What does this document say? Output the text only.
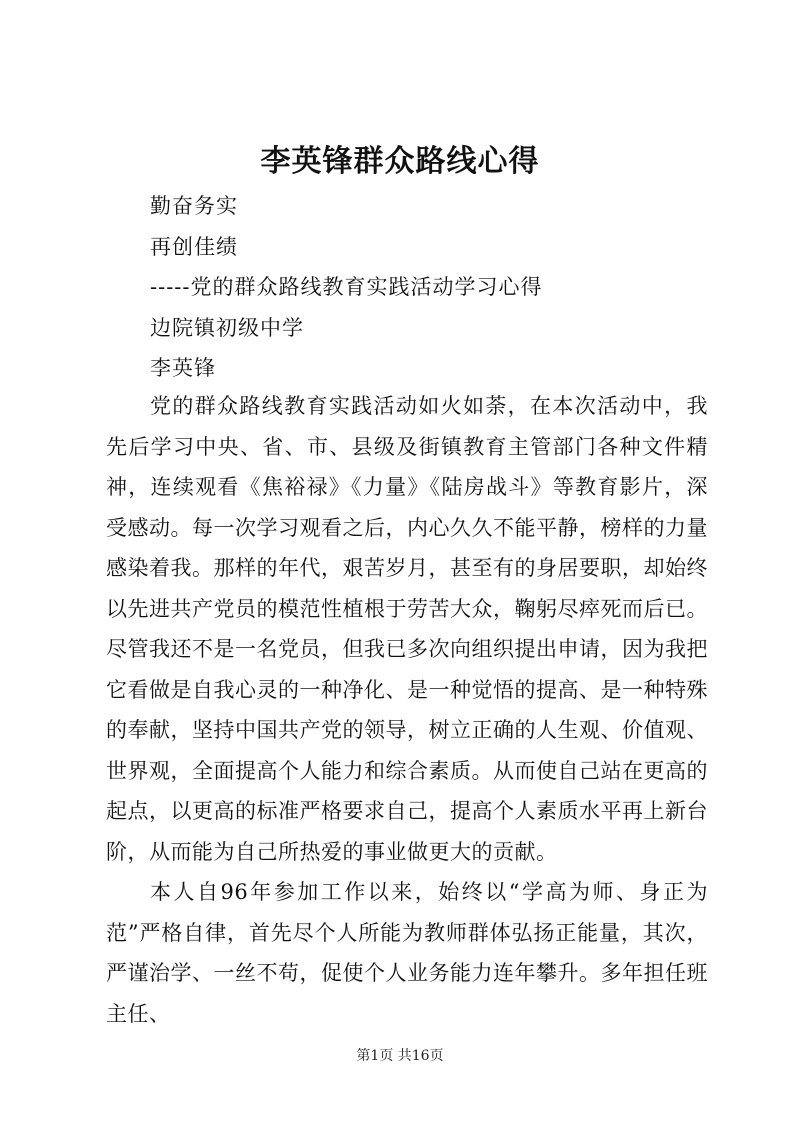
李英锋群众路线心得
勤奋务实
再创佳绩
-----党的群众路线教育实践活动学习心得
边院镇初级中学
李英锋

党的群众路线教育实践活动如火如荼，在本次活动中，我先后学习中央、省、市、县级及街镇教育主管部门各种文件精神，连续观看《焦裕禄》《力量》《陆房战斗》等教育影片，深受感动。每一次学习观看之后，内心久久不能平静，榜样的力量感染着我。那样的年代，艰苦岁月，甚至有的身居要职，却始终以先进共产党员的模范性植根于劳苦大众，鞠躬尽瘁死而后已。尽管我还不是一名党员，但我已多次向组织提出申请，因为我把它看做是自我心灵的一种净化、是一种觉悟的提高、是一种特殊的奉献，坚持中国共产党的领导，树立正确的人生观、价值观、世界观，全面提高个人能力和综合素质。从而使自己站在更高的起点，以更高的标准严格要求自己，提高个人素质水平再上新台阶，从而能为自己所热爱的事业做更大的贡献。

本人自96年参加工作以来，始终以“学高为师、身正为范”严格自律，首先尽个人所能为教师群体弘扬正能量，其次，严谨治学、一丝不苟，促使个人业务能力连年攀升。多年担任班主任、

第1页 共16页
